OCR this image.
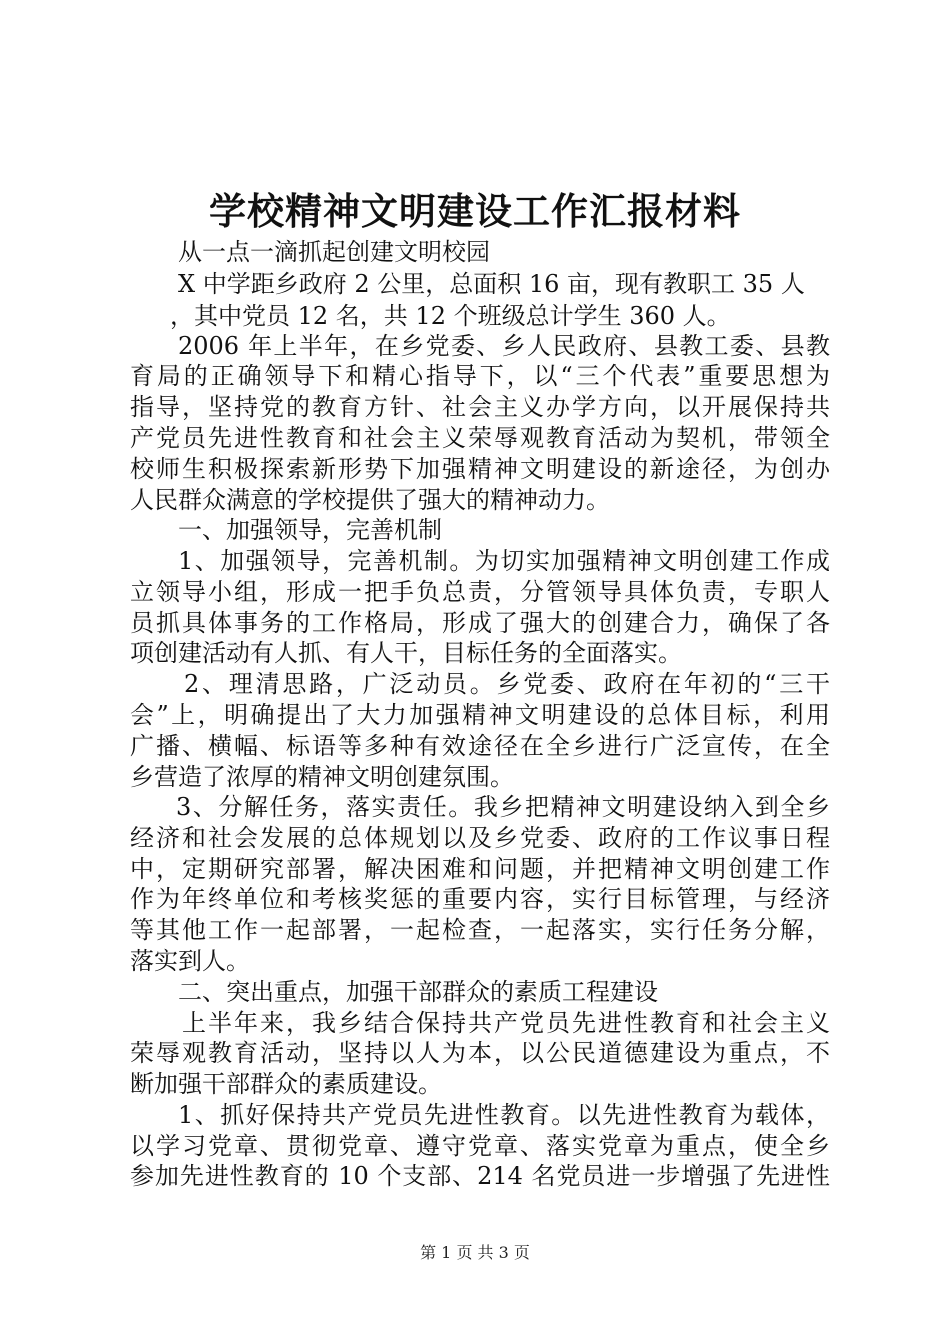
学校精神文明建设工作汇报材料
从一点一滴抓起创建文明校园
X 中学距乡政府 2 公里，总面积 16 亩，现有教职工 35 人
，其中党员 12 名，共 12 个班级总计学生 360 人。
2006 年上半年，在乡党委、乡人民政府、县教工委、县教
育局的正确领导下和精心指导下，以“三个代表”重要思想为
指导，坚持党的教育方针、社会主义办学方向，以开展保持共
产党员先进性教育和社会主义荣辱观教育活动为契机，带领全
校师生积极探索新形势下加强精神文明建设的新途径，为创办
人民群众满意的学校提供了强大的精神动力。
一、加强领导，完善机制
1、加强领导，完善机制。为切实加强精神文明创建工作成
立领导小组，形成一把手负总责，分管领导具体负责，专职人
员抓具体事务的工作格局，形成了强大的创建合力，确保了各
项创建活动有人抓、有人干，目标任务的全面落实。
2、理清思路，广泛动员。乡党委、政府在年初的“三干
会”上，明确提出了大力加强精神文明建设的总体目标，利用
广播、横幅、标语等多种有效途径在全乡进行广泛宣传，在全
乡营造了浓厚的精神文明创建氛围。
3、分解任务，落实责任。我乡把精神文明建设纳入到全乡
经济和社会发展的总体规划以及乡党委、政府的工作议事日程
中，定期研究部署，解决困难和问题，并把精神文明创建工作
作为年终单位和考核奖惩的重要内容，实行目标管理，与经济
等其他工作一起部署，一起检查，一起落实，实行任务分解，
落实到人。
二、突出重点，加强干部群众的素质工程建设
上半年来，我乡结合保持共产党员先进性教育和社会主义
荣辱观教育活动，坚持以人为本，以公民道德建设为重点，不
断加强干部群众的素质建设。
1、抓好保持共产党员先进性教育。以先进性教育为载体，
以学习党章、贯彻党章、遵守党章、落实党章为重点，使全乡
参加先进性教育的 10 个支部、214 名党员进一步增强了先进性
第 1 页 共 3 页
